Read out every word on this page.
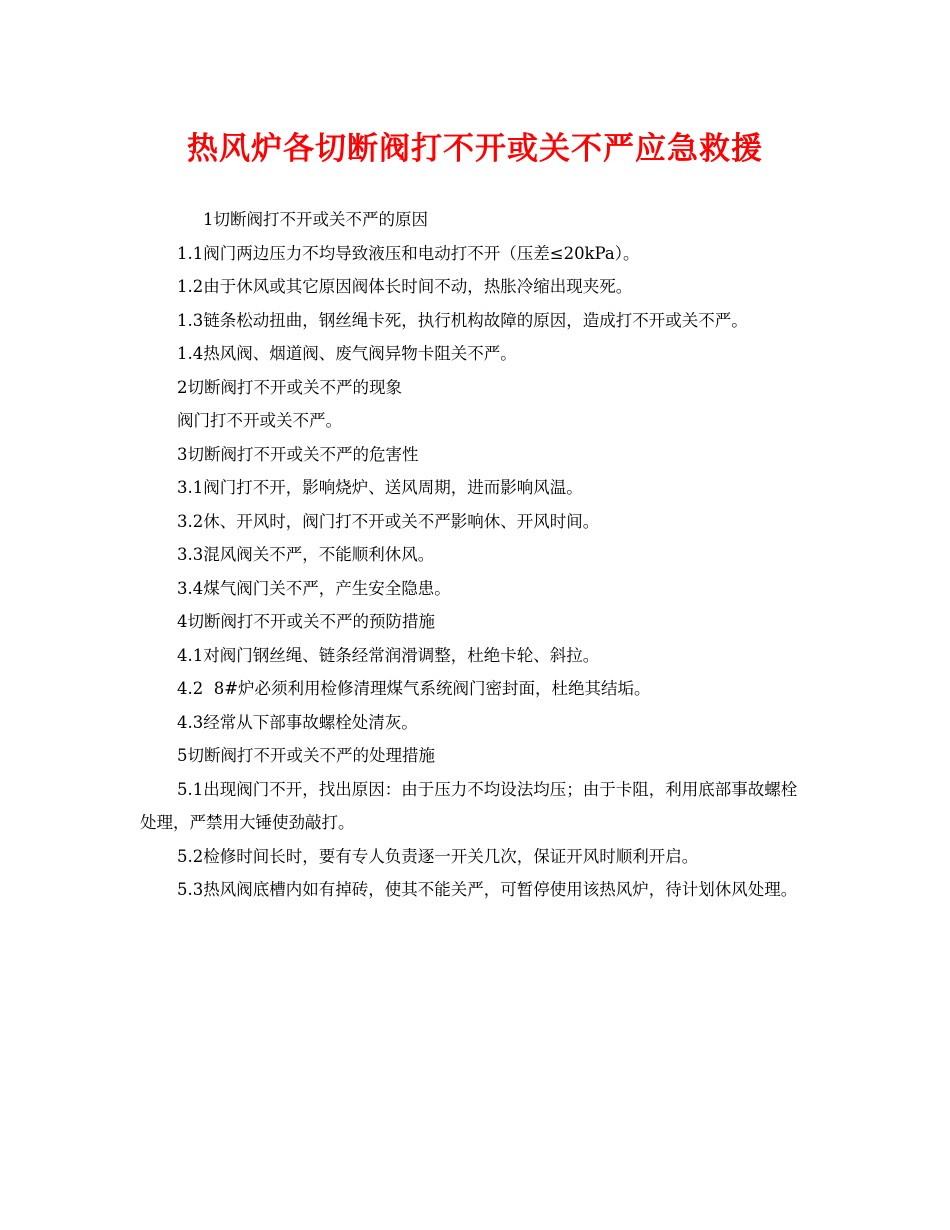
热风炉各切断阀打不开或关不严应急救援

1切断阀打不开或关不严的原因

1.1阀门两边压力不均导致液压和电动打不开（压差≤20kPa）。

1.2由于休风或其它原因阀体长时间不动，热胀冷缩出现夹死。

1.3链条松动扭曲，钢丝绳卡死，执行机构故障的原因，造成打不开或关不严。

1.4热风阀、烟道阀、废气阀异物卡阻关不严。

2切断阀打不开或关不严的现象

阀门打不开或关不严。

3切断阀打不开或关不严的危害性

3.1阀门打不开，影响烧炉、送风周期，进而影响风温。

3.2休、开风时，阀门打不开或关不严影响休、开风时间。

3.3混风阀关不严，不能顺利休风。

3.4煤气阀门关不严，产生安全隐患。

4切断阀打不开或关不严的预防措施

4.1对阀门钢丝绳、链条经常润滑调整，杜绝卡轮、斜拉。

4.2  8#炉必须利用检修清理煤气系统阀门密封面，杜绝其结垢。

4.3经常从下部事故螺栓处清灰。

5切断阀打不开或关不严的处理措施

5.1出现阀门不开，找出原因：由于压力不均设法均压；由于卡阻，利用底部事故螺栓处理，严禁用大锤使劲敲打。

5.2检修时间长时，要有专人负责逐一开关几次，保证开风时顺利开启。

5.3热风阀底槽内如有掉砖，使其不能关严，可暂停使用该热风炉，待计划休风处理。
